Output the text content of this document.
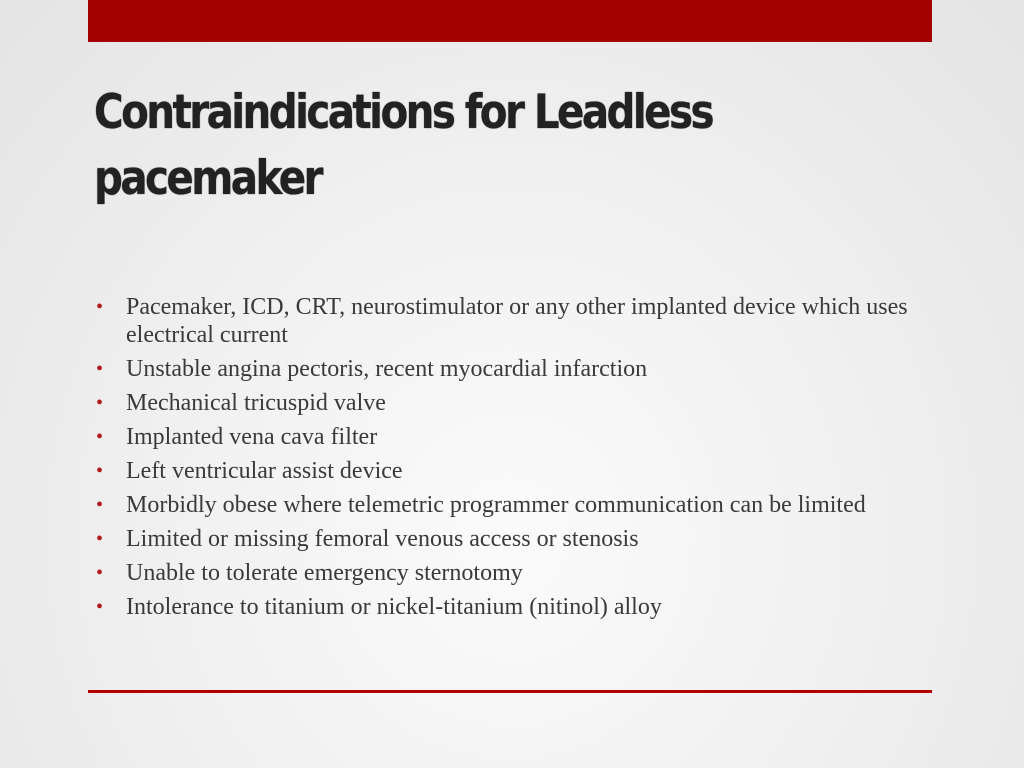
Contraindications for Leadless pacemaker
• Pacemaker, ICD, CRT, neurostimulator or any other implanted device which uses electrical current
• Unstable angina pectoris, recent myocardial infarction
• Mechanical tricuspid valve
• Implanted vena cava filter
• Left ventricular assist device
• Morbidly obese where telemetric programmer communication can be limited
• Limited or missing femoral venous access or stenosis
• Unable to tolerate emergency sternotomy
• Intolerance to titanium or nickel-titanium (nitinol) alloy
